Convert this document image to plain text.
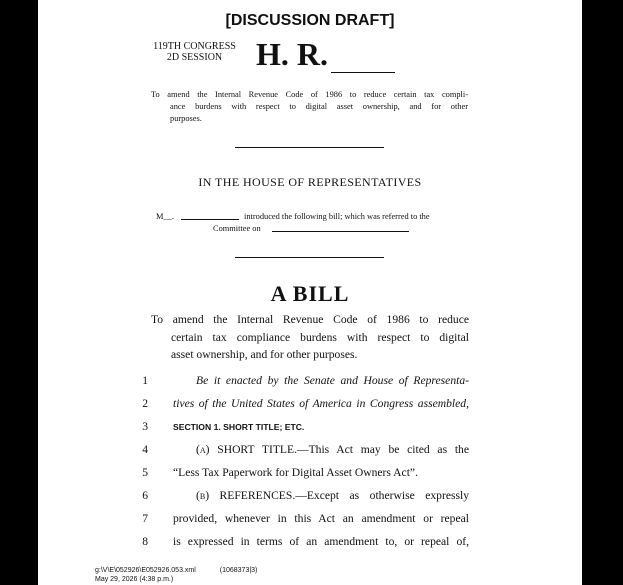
[DISCUSSION DRAFT]
119TH CONGRESS
2D SESSION	H. R.
To amend the Internal Revenue Code of 1986 to reduce certain tax compli-
ance burdens with respect to digital asset ownership, and for other
purposes.
IN THE HOUSE OF REPRESENTATIVES
M__.	introduced the following bill; which was referred to the
Committee on
A BILL
To amend the Internal Revenue Code of 1986 to reduce
certain tax compliance burdens with respect to digital
asset ownership, and for other purposes.
1	Be it enacted by the Senate and House of Representa-
2 tives of the United States of America in Congress assembled,
3	SECTION 1. SHORT TITLE; ETC.
4	(a) SHORT TITLE.—This Act may be cited as the
5 “Less Tax Paperwork for Digital Asset Owners Act”.
6	(b) REFERENCES.—Except as otherwise expressly
7 provided, whenever in this Act an amendment or repeal
8 is expressed in terms of an amendment to, or repeal of,
g:\V\E\052926\E052926.053.xml	(1068373|3)
May 29, 2026 (4:38 p.m.)
